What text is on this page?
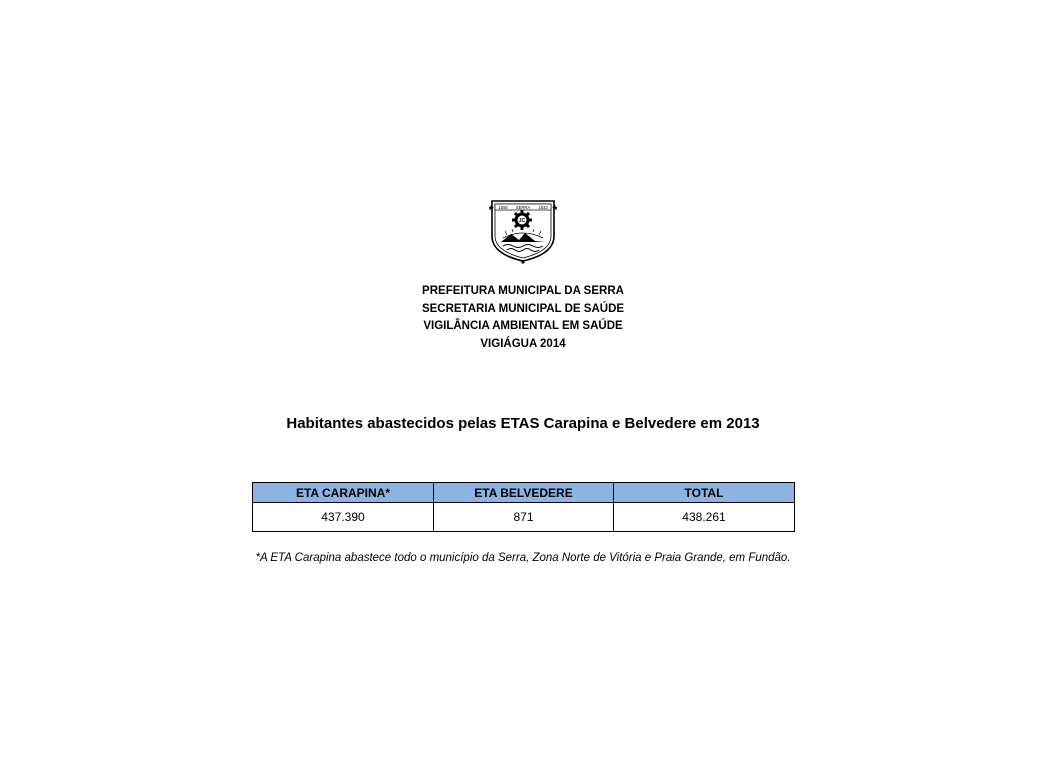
1556 SERRA 1833
JC
PREFEITURA MUNICIPAL DA SERRA
SECRETARIA MUNICIPAL DE SAÚDE
VIGILÂNCIA AMBIENTAL EM SAÚDE
VIGIÁGUA 2014
Habitantes abastecidos pelas ETAS Carapina e Belvedere em 2013
ETA CARAPINA*	ETA BELVEDERE	TOTAL
437.390	871	438.261
*A ETA Carapina abastece todo o município da Serra, Zona Norte de Vitória e Praia Grande, em Fundão.
